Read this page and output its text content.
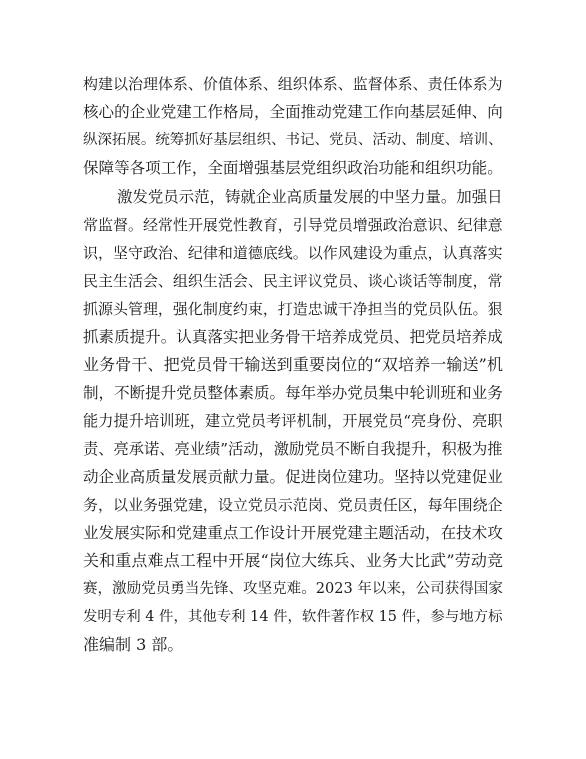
构建以治理体系、价值体系、组织体系、监督体系、责任体系为
核心的企业党建工作格局，全面推动党建工作向基层延伸、向
纵深拓展。统筹抓好基层组织、书记、党员、活动、制度、培训、
保障等各项工作，全面增强基层党组织政治功能和组织功能。
激发党员示范，铸就企业高质量发展的中坚力量。加强日
常监督。经常性开展党性教育，引导党员增强政治意识、纪律意
识，坚守政治、纪律和道德底线。以作风建设为重点，认真落实
民主生活会、组织生活会、民主评议党员、谈心谈话等制度，常
抓源头管理，强化制度约束，打造忠诚干净担当的党员队伍。狠
抓素质提升。认真落实把业务骨干培养成党员、把党员培养成
业务骨干、把党员骨干输送到重要岗位的“双培养一输送”机
制，不断提升党员整体素质。每年举办党员集中轮训班和业务
能力提升培训班，建立党员考评机制，开展党员“亮身份、亮职
责、亮承诺、亮业绩”活动，激励党员不断自我提升，积极为推
动企业高质量发展贡献力量。促进岗位建功。坚持以党建促业
务，以业务强党建，设立党员示范岗、党员责任区，每年围绕企
业发展实际和党建重点工作设计开展党建主题活动，在技术攻
关和重点难点工程中开展“岗位大练兵、业务大比武”劳动竞
赛，激励党员勇当先锋、攻坚克难。2023 年以来，公司获得国家
发明专利 4 件，其他专利 14 件，软件著作权 15 件，参与地方标
准编制 3 部。
